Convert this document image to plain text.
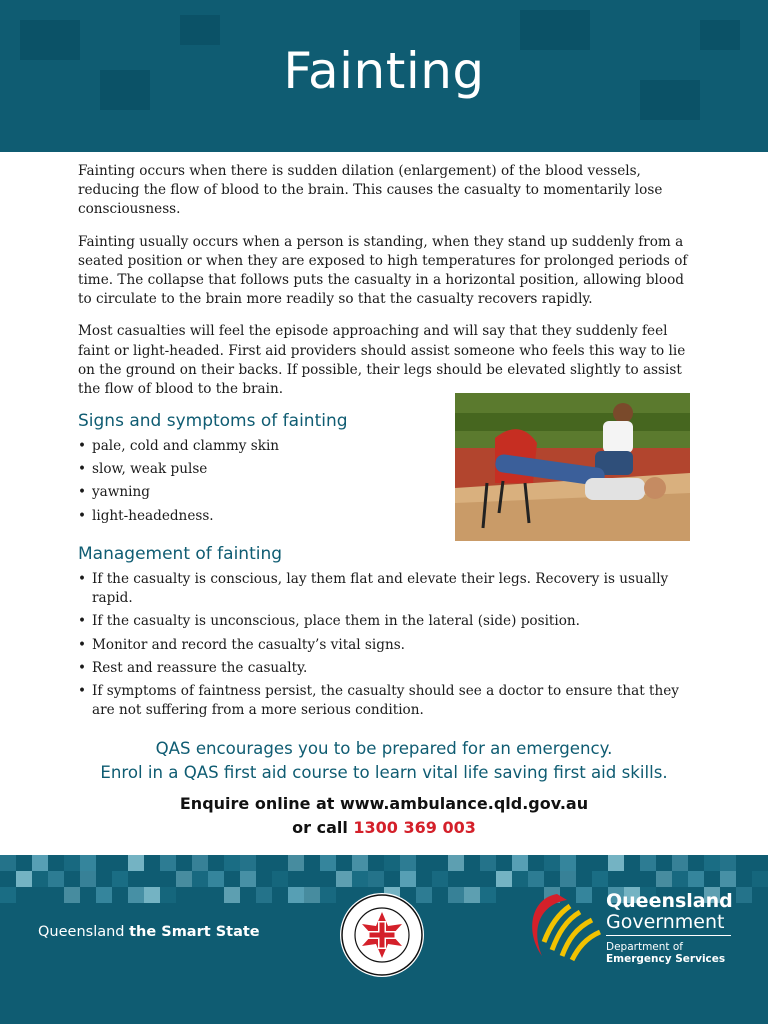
Fainting

Fainting occurs when there is sudden dilation (enlargement) of the blood vessels, reducing the flow of blood to the brain. This causes the casualty to momentarily lose consciousness.

Fainting usually occurs when a person is standing, when they stand up suddenly from a seated position or when they are exposed to high temperatures for prolonged periods of time. The collapse that follows puts the casualty in a horizontal position, allowing blood to circulate to the brain more readily so that the casualty recovers rapidly.

Most casualties will feel the episode approaching and will say that they suddenly feel faint or light-headed. First aid providers should assist someone who feels this way to lie on the ground on their backs. If possible, their legs should be elevated slightly to assist the flow of blood to the brain.

Signs and symptoms of fainting
• pale, cold and clammy skin
• slow, weak pulse
• yawning
• light-headedness.
Management of fainting
• If the casualty is conscious, lay them flat and elevate their legs. Recovery is usually rapid.
• If the casualty is unconscious, place them in the lateral (side) position.
• Monitor and record the casualty’s vital signs.
• Rest and reassure the casualty.
• If symptoms of faintness persist, the casualty should see a doctor to ensure that they are not suffering from a more serious condition.
QAS encourages you to be prepared for an emergency.
Enrol in a QAS first aid course to learn vital life saving first aid skills.
Enquire online at www.ambulance.qld.gov.au
or call 1300 369 003
Queensland the Smart State
Queensland
Government
Department of
Emergency Services
